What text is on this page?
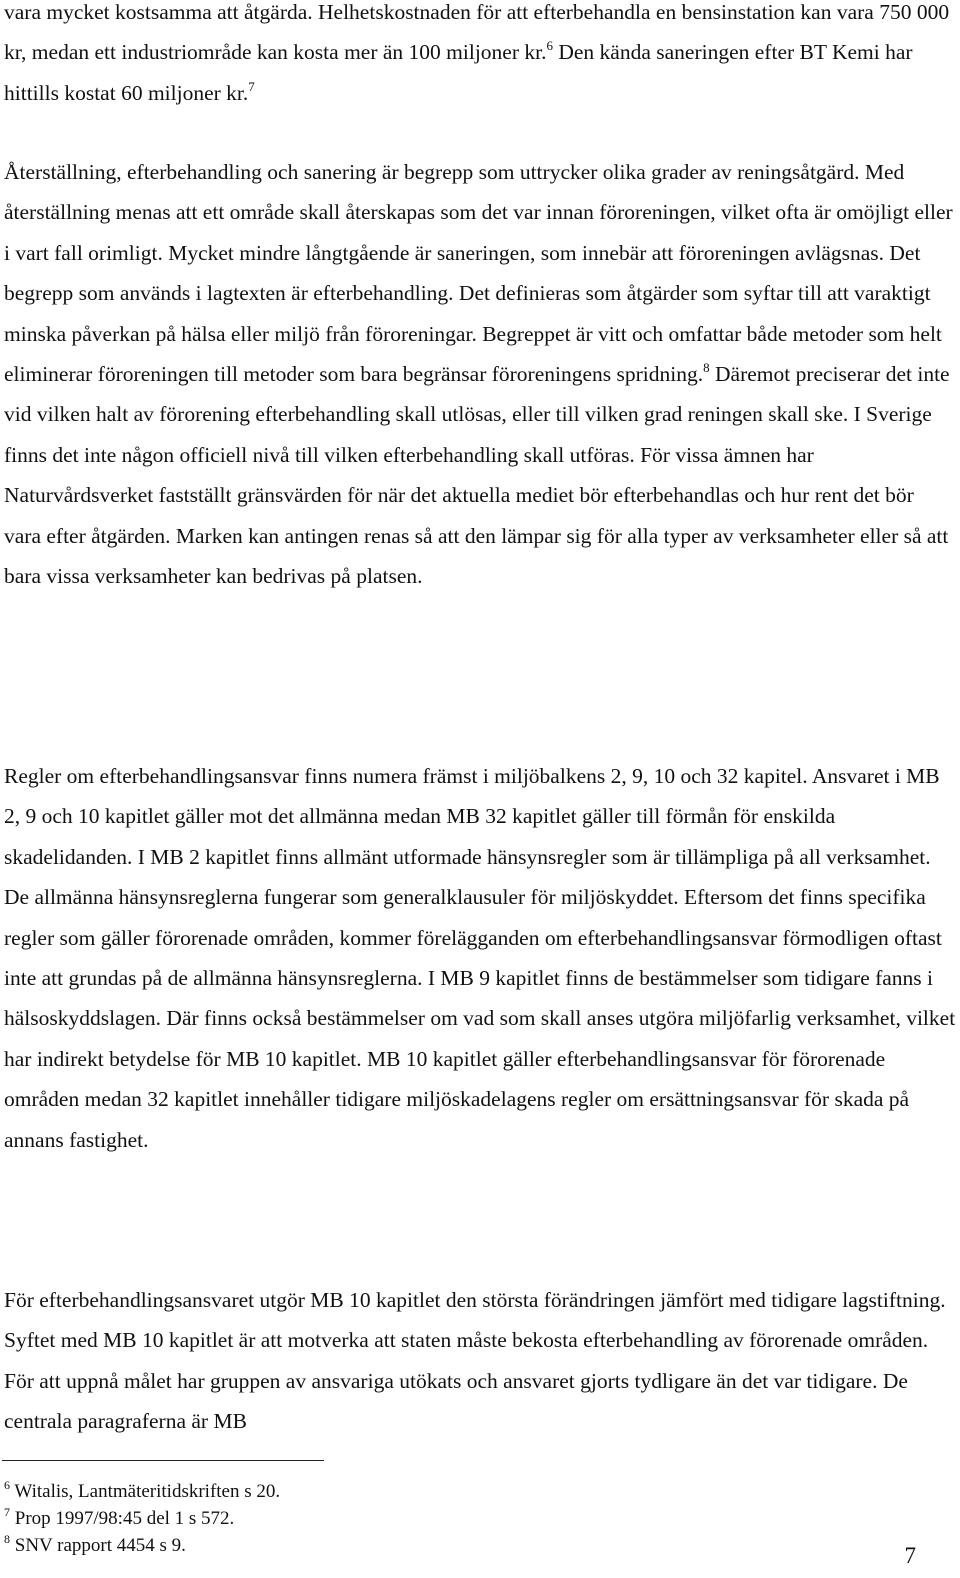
vara mycket kostsamma att åtgärda. Helhetskostnaden för att efterbehandla en bensinstation kan vara 750 000 kr, medan ett industriområde kan kosta mer än 100 miljoner kr.$^6$ Den kända saneringen efter BT Kemi har hittills kostat 60 miljoner kr.$^7$

Återställning, efterbehandling och sanering är begrepp som uttrycker olika grader av reningsåtgärd. Med återställning menas att ett område skall återskapas som det var innan föroreningen, vilket ofta är omöjligt eller i vart fall orimligt. Mycket mindre långtgående är saneringen, som innebär att föroreningen avlägsnas. Det begrepp som används i lagtexten är efterbehandling. Det definieras som åtgärder som syftar till att varaktigt minska påverkan på hälsa eller miljö från föroreningar. Begreppet är vitt och omfattar både metoder som helt eliminerar föroreningen till metoder som bara begränsar föroreningens spridning.$^8$ Däremot preciserar det inte vid vilken halt av förorening efterbehandling skall utlösas, eller till vilken grad reningen skall ske. I Sverige finns det inte någon officiell nivå till vilken efterbehandling skall utföras. För vissa ämnen har Naturvårdsverket fastställt gränsvärden för när det aktuella mediet bör efterbehandlas och hur rent det bör vara efter åtgärden. Marken kan antingen renas så att den lämpar sig för alla typer av verksamheter eller så att bara vissa verksamheter kan bedrivas på platsen.

Regler om efterbehandlingsansvar finns numera främst i miljöbalkens 2, 9, 10 och 32 kapitel. Ansvaret i MB 2, 9 och 10 kapitlet gäller mot det allmänna medan MB 32 kapitlet gäller till förmån för enskilda skadelidanden. I MB 2 kapitlet finns allmänt utformade hänsynsregler som är tillämpliga på all verksamhet. De allmänna hänsynsreglerna fungerar som generalklausuler för miljöskyddet. Eftersom det finns specifika regler som gäller förorenade områden, kommer förelägganden om efterbehandlingsansvar förmodligen oftast inte att grundas på de allmänna hänsynsreglerna. I MB 9 kapitlet finns de bestämmelser som tidigare fanns i hälsoskyddslagen. Där finns också bestämmelser om vad som skall anses utgöra miljöfarlig verksamhet, vilket har indirekt betydelse för MB 10 kapitlet. MB 10 kapitlet gäller efterbehandlingsansvar för förorenade områden medan 32 kapitlet innehåller tidigare miljöskadelagens regler om ersättningsansvar för skada på annans fastighet.

För efterbehandlingsansvaret utgör MB 10 kapitlet den största förändringen jämfört med tidigare lagstiftning. Syftet med MB 10 kapitlet är att motverka att staten måste bekosta efterbehandling av förorenade områden. För att uppnå målet har gruppen av ansvariga utökats och ansvaret gjorts tydligare än det var tidigare. De centrala paragraferna är MB

$^6$ Witalis, Lantmäteritidskriften s 20.
$^7$ Prop 1997/98:45 del 1 s 572.
$^8$ SNV rapport 4454 s 9.	7
